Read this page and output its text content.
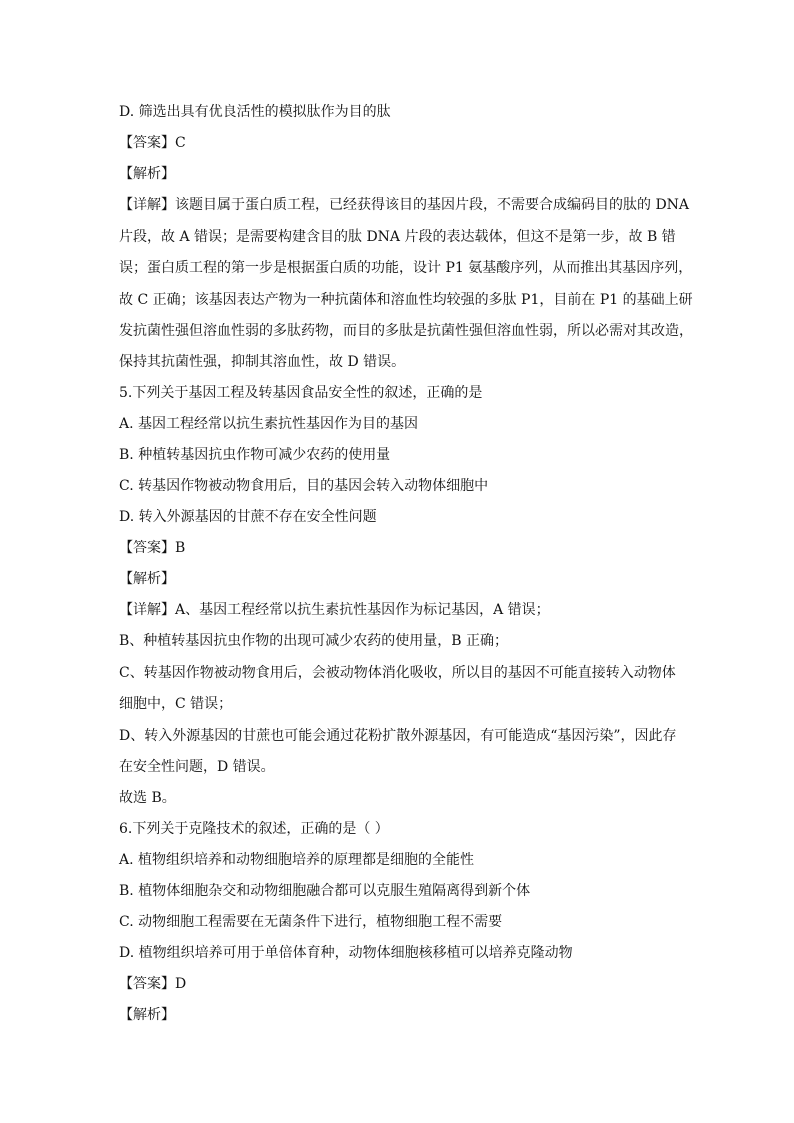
D. 筛选出具有优良活性的模拟肽作为目的肽
【答案】C
【解析】
【详解】该题目属于蛋白质工程，已经获得该目的基因片段，不需要合成编码目的肽的 DNA
片段，故 A 错误；是需要构建含目的肽 DNA 片段的表达载体，但这不是第一步，故 B 错
误；蛋白质工程的第一步是根据蛋白质的功能，设计 P1 氨基酸序列，从而推出其基因序列，
故 C 正确；该基因表达产物为一种抗菌体和溶血性均较强的多肽 P1，目前在 P1 的基础上研
发抗菌性强但溶血性弱的多肽药物，而目的多肽是抗菌性强但溶血性弱，所以必需对其改造，
保持其抗菌性强，抑制其溶血性，故 D 错误。
5.下列关于基因工程及转基因食品安全性的叙述，正确的是
A. 基因工程经常以抗生素抗性基因作为目的基因
B. 种植转基因抗虫作物可减少农药的使用量
C. 转基因作物被动物食用后，目的基因会转入动物体细胞中
D. 转入外源基因的甘蔗不存在安全性问题
【答案】B
【解析】
【详解】A、基因工程经常以抗生素抗性基因作为标记基因，A 错误；
B、种植转基因抗虫作物的出现可减少农药的使用量，B 正确；
C、转基因作物被动物食用后，会被动物体消化吸收，所以目的基因不可能直接转入动物体
细胞中，C 错误；
D、转入外源基因的甘蔗也可能会通过花粉扩散外源基因，有可能造成“基因污染”，因此存
在安全性问题，D 错误。
故选 B。
6.下列关于克隆技术的叙述，正确的是（ ）
A. 植物组织培养和动物细胞培养的原理都是细胞的全能性
B. 植物体细胞杂交和动物细胞融合都可以克服生殖隔离得到新个体
C. 动物细胞工程需要在无菌条件下进行，植物细胞工程不需要
D. 植物组织培养可用于单倍体育种，动物体细胞核移植可以培养克隆动物
【答案】D
【解析】
